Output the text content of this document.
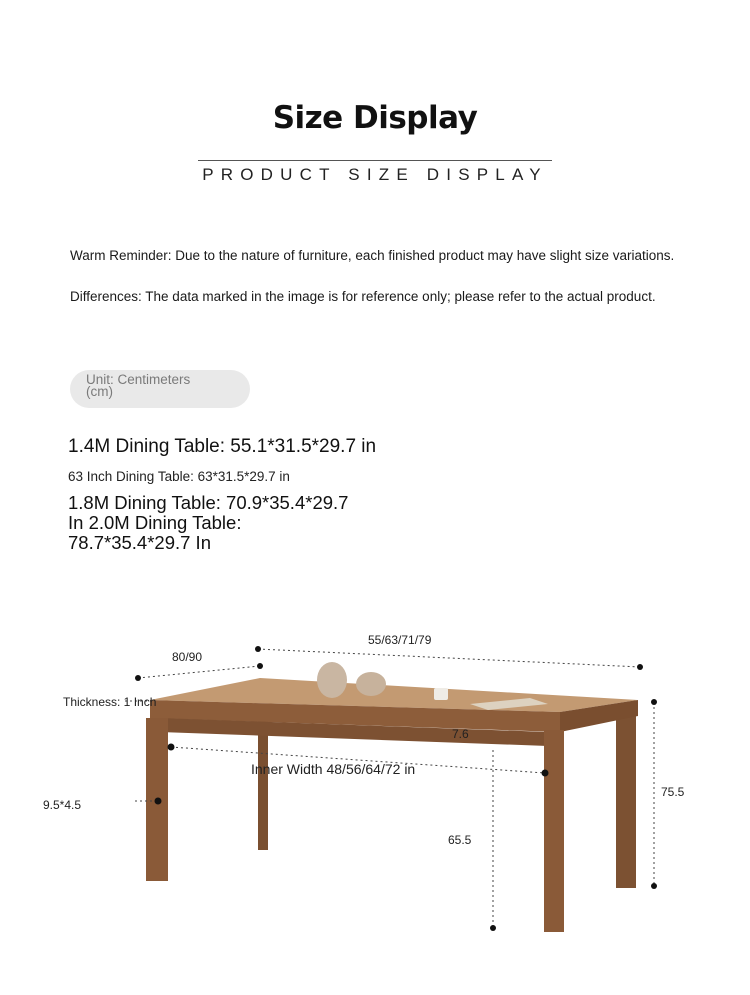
Size Display
PRODUCT SIZE DISPLAY
Warm Reminder: Due to the nature of furniture, each finished product may have slight size variations.
Differences: The data marked in the image is for reference only; please refer to the actual product.
Unit: Centimeters
(cm)
1.4M Dining Table: 55.1*31.5*29.7 in
63 Inch Dining Table: 63*31.5*29.7 in
1.8M Dining Table: 70.9*35.4*29.7 In 2.0M Dining Table: 78.7*35.4*29.7 In
55/63/71/79
80/90
Thickness: 1 Inch
7.6
Inner Width 48/56/64/72 in
9.5*4.5
75.5
65.5
